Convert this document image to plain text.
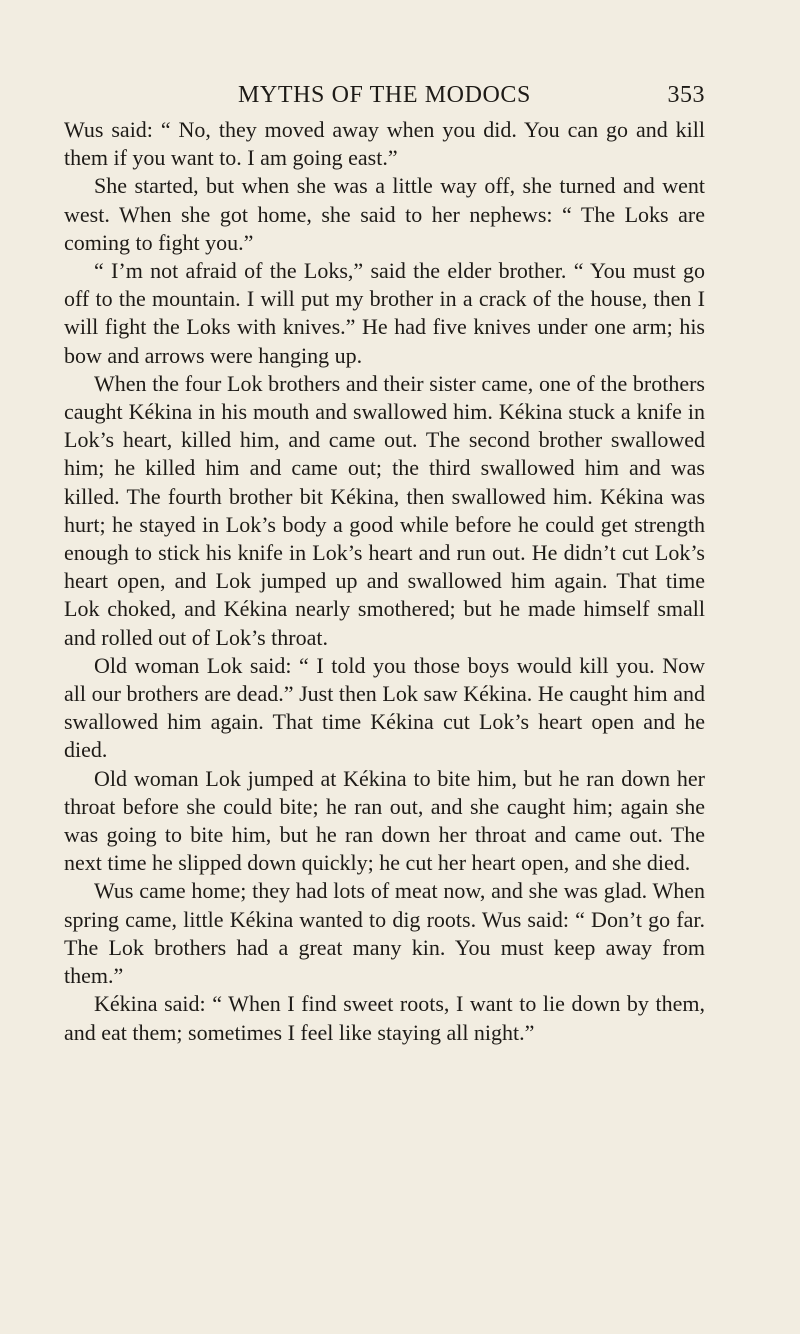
MYTHS OF THE MODOCS	353

Wus said: “ No, they moved away when you did. You can go and kill them if you want to. I am going east.”

She started, but when she was a little way off, she turned and went west. When she got home, she said to her nephews: “ The Loks are coming to fight you.”

“ I’m not afraid of the Loks,” said the elder brother. “ You must go off to the mountain. I will put my brother in a crack of the house, then I will fight the Loks with knives.” He had five knives under one arm; his bow and arrows were hanging up.

When the four Lok brothers and their sister came, one of the brothers caught Kékina in his mouth and swallowed him. Kékina stuck a knife in Lok’s heart, killed him, and came out. The second brother swallowed him; he killed him and came out; the third swallowed him and was killed. The fourth brother bit Kékina, then swallowed him. Kékina was hurt; he stayed in Lok’s body a good while before he could get strength enough to stick his knife in Lok’s heart and run out. He didn’t cut Lok’s heart open, and Lok jumped up and swallowed him again. That time Lok choked, and Kékina nearly smothered; but he made himself small and rolled out of Lok’s throat.

Old woman Lok said: “ I told you those boys would kill you. Now all our brothers are dead.” Just then Lok saw Kékina. He caught him and swallowed him again. That time Kékina cut Lok’s heart open and he died.

Old woman Lok jumped at Kékina to bite him, but he ran down her throat before she could bite; he ran out, and she caught him; again she was going to bite him, but he ran down her throat and came out. The next time he slipped down quickly; he cut her heart open, and she died.

Wus came home; they had lots of meat now, and she was glad. When spring came, little Kékina wanted to dig roots. Wus said: “ Don’t go far. The Lok brothers had a great many kin. You must keep away from them.”

Kékina said: “ When I find sweet roots, I want to lie down by them, and eat them; sometimes I feel like staying all night.”
